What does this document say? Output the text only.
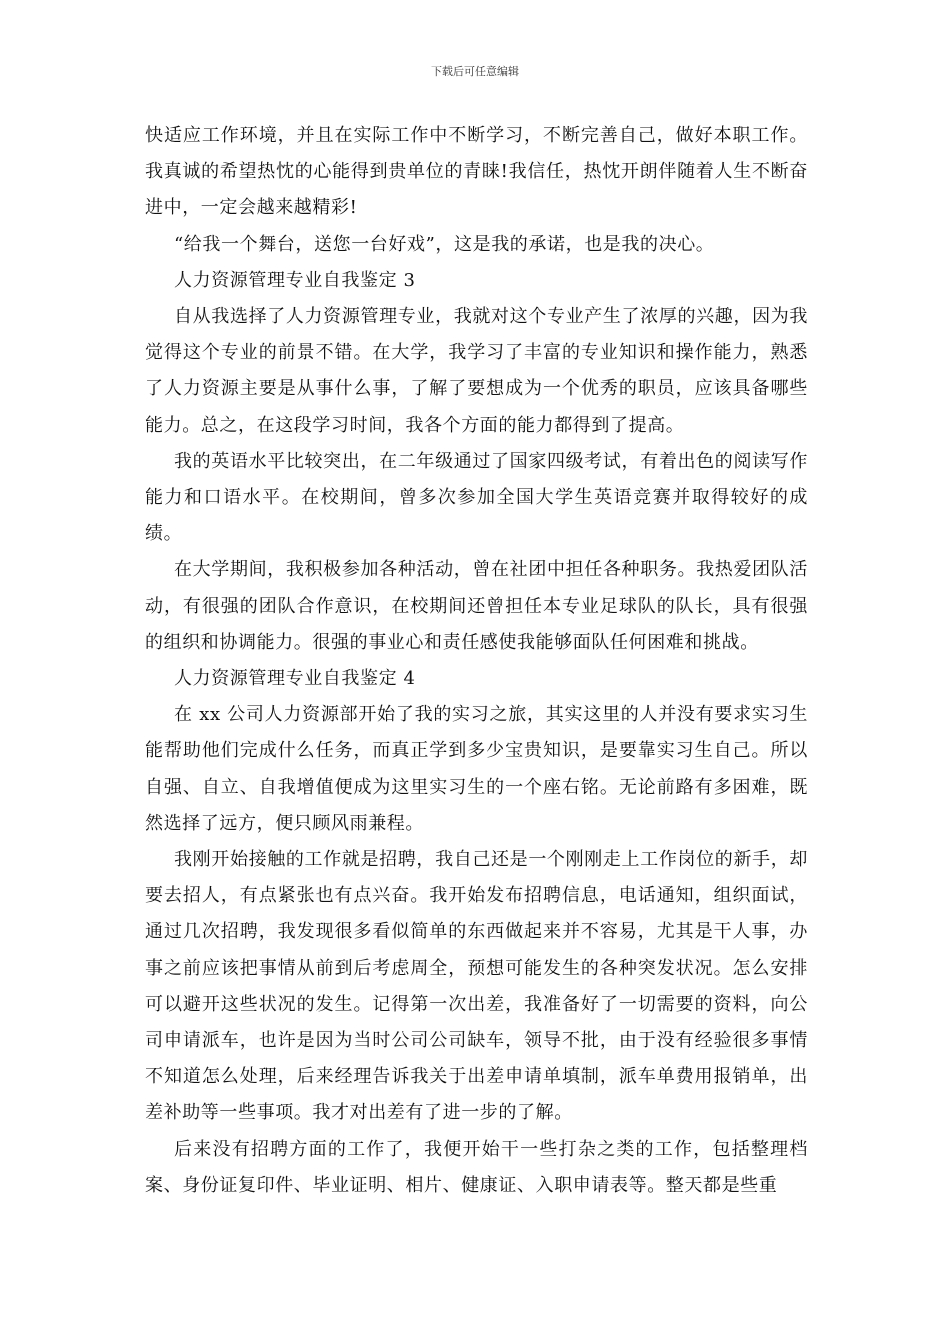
下载后可任意编辑

快适应工作环境，并且在实际工作中不断学习，不断完善自己，做好本职工作。我真诚的希望热忱的心能得到贵单位的青睐!我信任，热忱开朗伴随着人生不断奋进中，一定会越来越精彩!

“给我一个舞台，送您一台好戏”，这是我的承诺，也是我的决心。

人力资源管理专业自我鉴定 3

自从我选择了人力资源管理专业，我就对这个专业产生了浓厚的兴趣，因为我觉得这个专业的前景不错。在大学，我学习了丰富的专业知识和操作能力，熟悉了人力资源主要是从事什么事，了解了要想成为一个优秀的职员，应该具备哪些能力。总之，在这段学习时间，我各个方面的能力都得到了提高。

我的英语水平比较突出，在二年级通过了国家四级考试，有着出色的阅读写作能力和口语水平。在校期间，曾多次参加全国大学生英语竞赛并取得较好的成绩。

在大学期间，我积极参加各种活动，曾在社团中担任各种职务。我热爱团队活动，有很强的团队合作意识，在校期间还曾担任本专业足球队的队长，具有很强的组织和协调能力。很强的事业心和责任感使我能够面队任何困难和挑战。

人力资源管理专业自我鉴定 4

在 xx 公司人力资源部开始了我的实习之旅，其实这里的人并没有要求实习生能帮助他们完成什么任务，而真正学到多少宝贵知识，是要靠实习生自己。所以自强、自立、自我增值便成为这里实习生的一个座右铭。无论前路有多困难，既然选择了远方，便只顾风雨兼程。

我刚开始接触的工作就是招聘，我自己还是一个刚刚走上工作岗位的新手，却要去招人，有点紧张也有点兴奋。我开始发布招聘信息，电话通知，组织面试，通过几次招聘，我发现很多看似简单的东西做起来并不容易，尤其是干人事，办事之前应该把事情从前到后考虑周全，预想可能发生的各种突发状况。怎么安排可以避开这些状况的发生。记得第一次出差，我准备好了一切需要的资料，向公司申请派车，也许是因为当时公司公司缺车，领导不批，由于没有经验很多事情不知道怎么处理，后来经理告诉我关于出差申请单填制，派车单费用报销单，出差补助等一些事项。我才对出差有了进一步的了解。

后来没有招聘方面的工作了，我便开始干一些打杂之类的工作，包括整理档案、身份证复印件、毕业证明、相片、健康证、入职申请表等。整天都是些重
